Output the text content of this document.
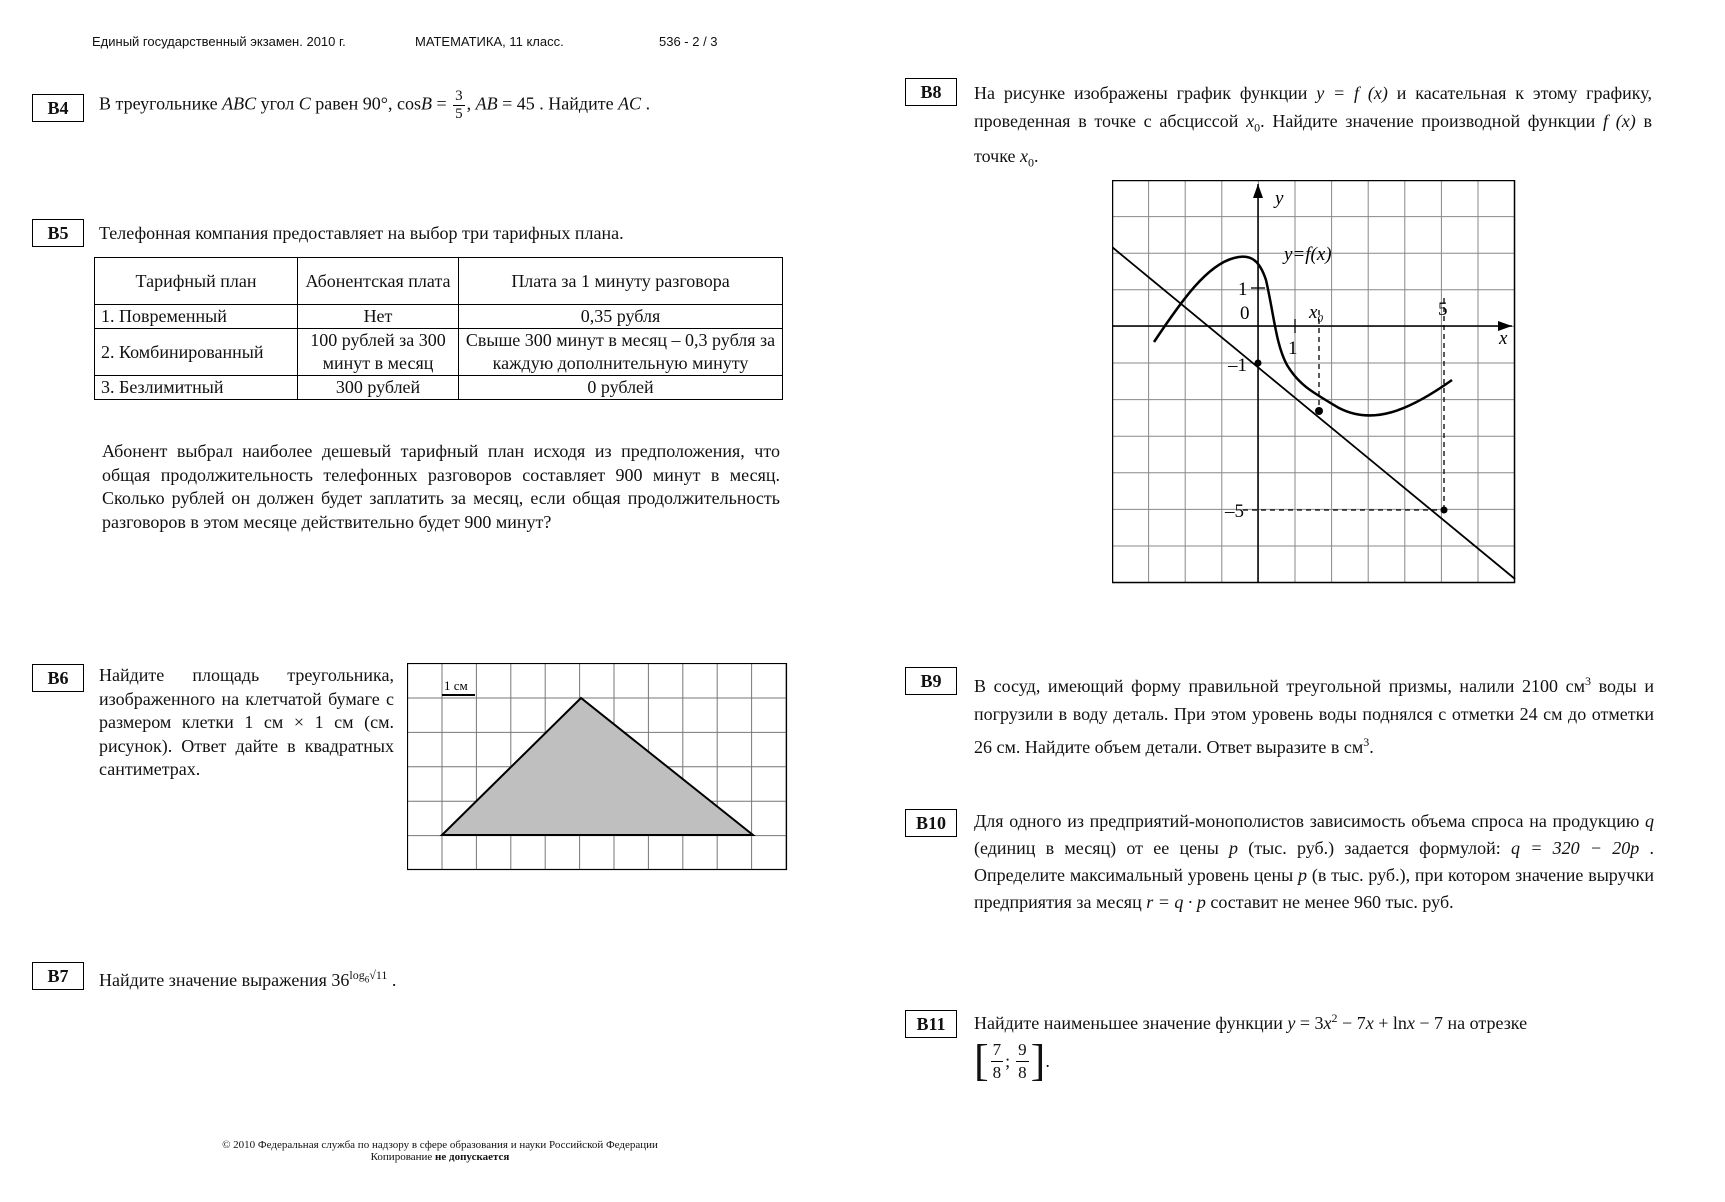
Единый государственный экзамен. 2010 г.	МАТЕМАТИКА, 11 класс.	536 - 2 / 3
B4	В треугольнике ABC угол C равен 90°, $\cos B = \frac{3}{5}$ , AB = 45 . Найдите AC .
B5	Телефонная компания предоставляет на выбор три тарифных плана.
Тарифный план	Абонентская плата	Плата за 1 минуту разговора
1. Повременный	Нет	0,35 рубля
2. Комбинированный	100 рублей за 300 минут в месяц	Свыше 300 минут в месяц – 0,3 рубля за каждую дополнительную минуту
3. Безлимитный	300 рублей	0 рублей
Абонент выбрал наиболее дешевый тарифный план исходя из предположения, что общая продолжительность телефонных разговоров составляет 900 минут в месяц. Сколько рублей он должен будет заплатить за месяц, если общая продолжительность разговоров в этом месяце действительно будет 900 минут?
B6	Найдите площадь треугольника, изображенного на клетчатой бумаге с размером клетки 1 см × 1 см (см. рисунок). Ответ дайте в квадратных сантиметрах.
1 см
B7	Найдите значение выражения $36^{log_6√11}$ .
B8	На рисунке изображены график функции y = f (x) и касательная к этому графику, проведенная в точке с абсциссой $x_0$. Найдите значение производной функции f (x) в точке $x_0$.
y
x
y=f(x)
1
0
–1
1
$x_0$	5
–5
B9	В сосуд, имеющий форму правильной треугольной призмы, налили 2100 $см^3$ воды и погрузили в воду деталь. При этом уровень воды поднялся с отметки 24 см до отметки 26 см. Найдите объем детали. Ответ выразите в $см^3$.
B10	Для одного из предприятий-монополистов зависимость объема спроса на продукцию q (единиц в месяц) от ее цены p (тыс. руб.) задается формулой: q = 320 − 20p . Определите максимальный уровень цены p (в тыс. руб.), при котором значение выручки предприятия за месяц r = q · p составит не менее 960 тыс. руб.
B11	Найдите наименьшее значение функции $y = 3x^2 - 7x + \ln x - 7$ на отрезке
[ $\frac{7}{8}$ ; $\frac{9}{8}$ ] .
© 2010 Федеральная служба по надзору в сфере образования и науки Российской Федерации
Копирование не допускается
